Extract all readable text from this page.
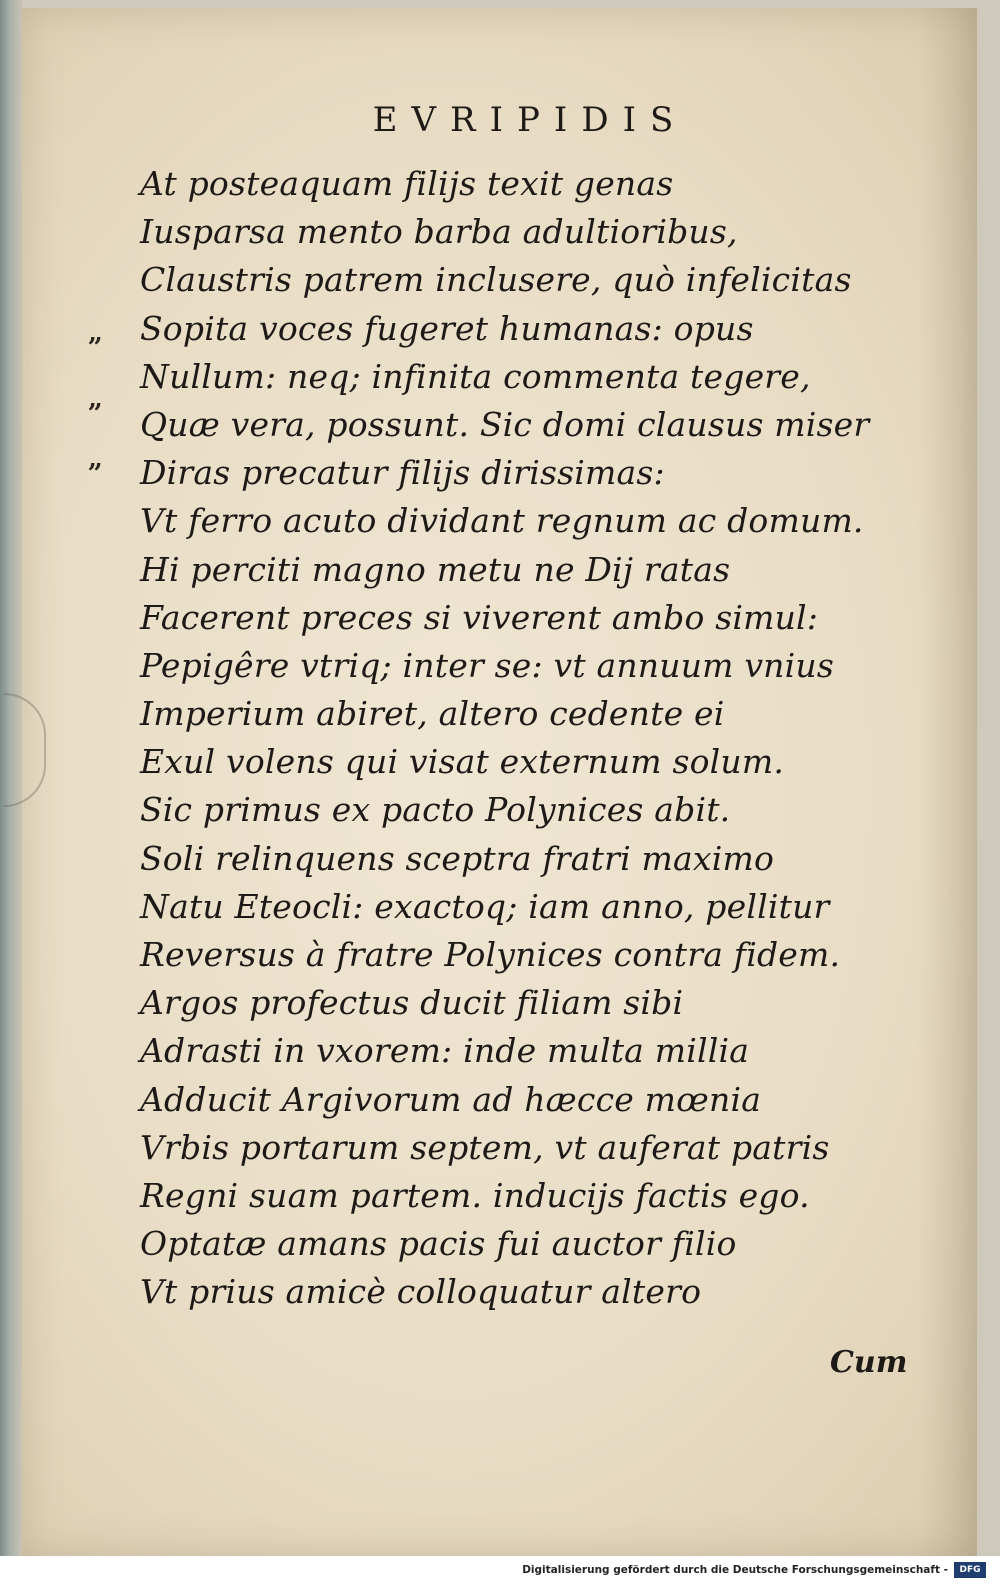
EVRIPIDIS
„
„
„
At posteaquam filijs texit genas
Iusparsa mento barba adultioribus,
Claustris patrem inclusere, quò infelicitas
Sopita voces fugeret humanas: opus
Nullum: neq; infinita commenta tegere,
Quæ vera, possunt. Sic domi clausus miser
Diras precatur filijs dirissimas:
Vt ferro acuto dividant regnum ac domum.
Hi perciti magno metu ne Dij ratas
Facerent preces si viverent ambo simul:
Pepigêre vtriq; inter se: vt annuum vnius
Imperium abiret, altero cedente ei
Exul volens qui visat externum solum.
Sic primus ex pacto Polynices abit.
Soli relinquens sceptra fratri maximo
Natu Eteocli: exactoq; iam anno, pellitur
Reversus à fratre Polynices contra fidem.
Argos profectus ducit filiam sibi
Adrasti in vxorem: inde multa millia
Adducit Argivorum ad hæcce mœnia
Vrbis portarum septem, vt auferat patris
Regni suam partem. inducijs factis ego.
Optatæ amans pacis fui auctor filio
Vt prius amicè colloquatur altero
Cum
Digitalisierung gefördert durch die Deutsche Forschungsgemeinschaft -	DFG
